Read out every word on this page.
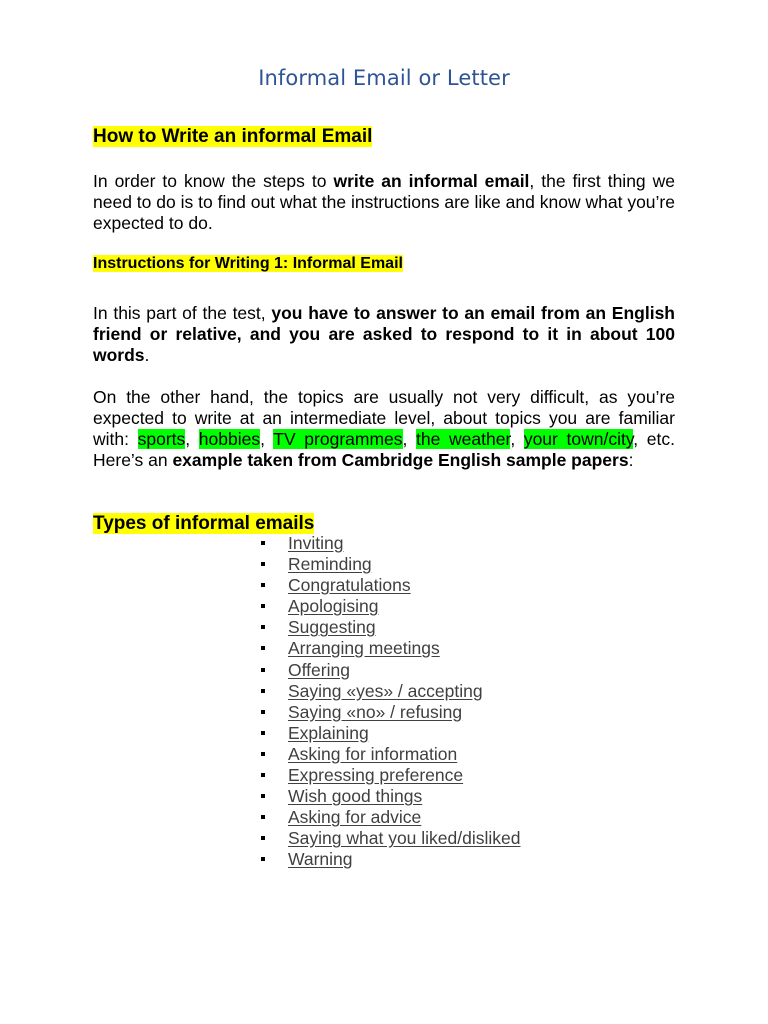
Informal Email or Letter
How to Write an informal Email

In order to know the steps to write an informal email, the first thing we need to do is to find out what the instructions are like and know what you’re expected to do.

Instructions for Writing 1: Informal Email

In this part of the test, you have to answer to an email from an English friend or relative, and you are asked to respond to it in about 100 words.

On the other hand, the topics are usually not very difficult, as you’re expected to write at an intermediate level, about topics you are familiar with: sports, hobbies, TV programmes, the weather, your town/city, etc. Here’s an example taken from Cambridge English sample papers:

Types of informal emails
Inviting
Reminding
Congratulations
Apologising
Suggesting
Arranging meetings
Offering
Saying «yes» / accepting
Saying «no» / refusing
Explaining
Asking for information
Expressing preference
Wish good things
Asking for advice
Saying what you liked/disliked
Warning
